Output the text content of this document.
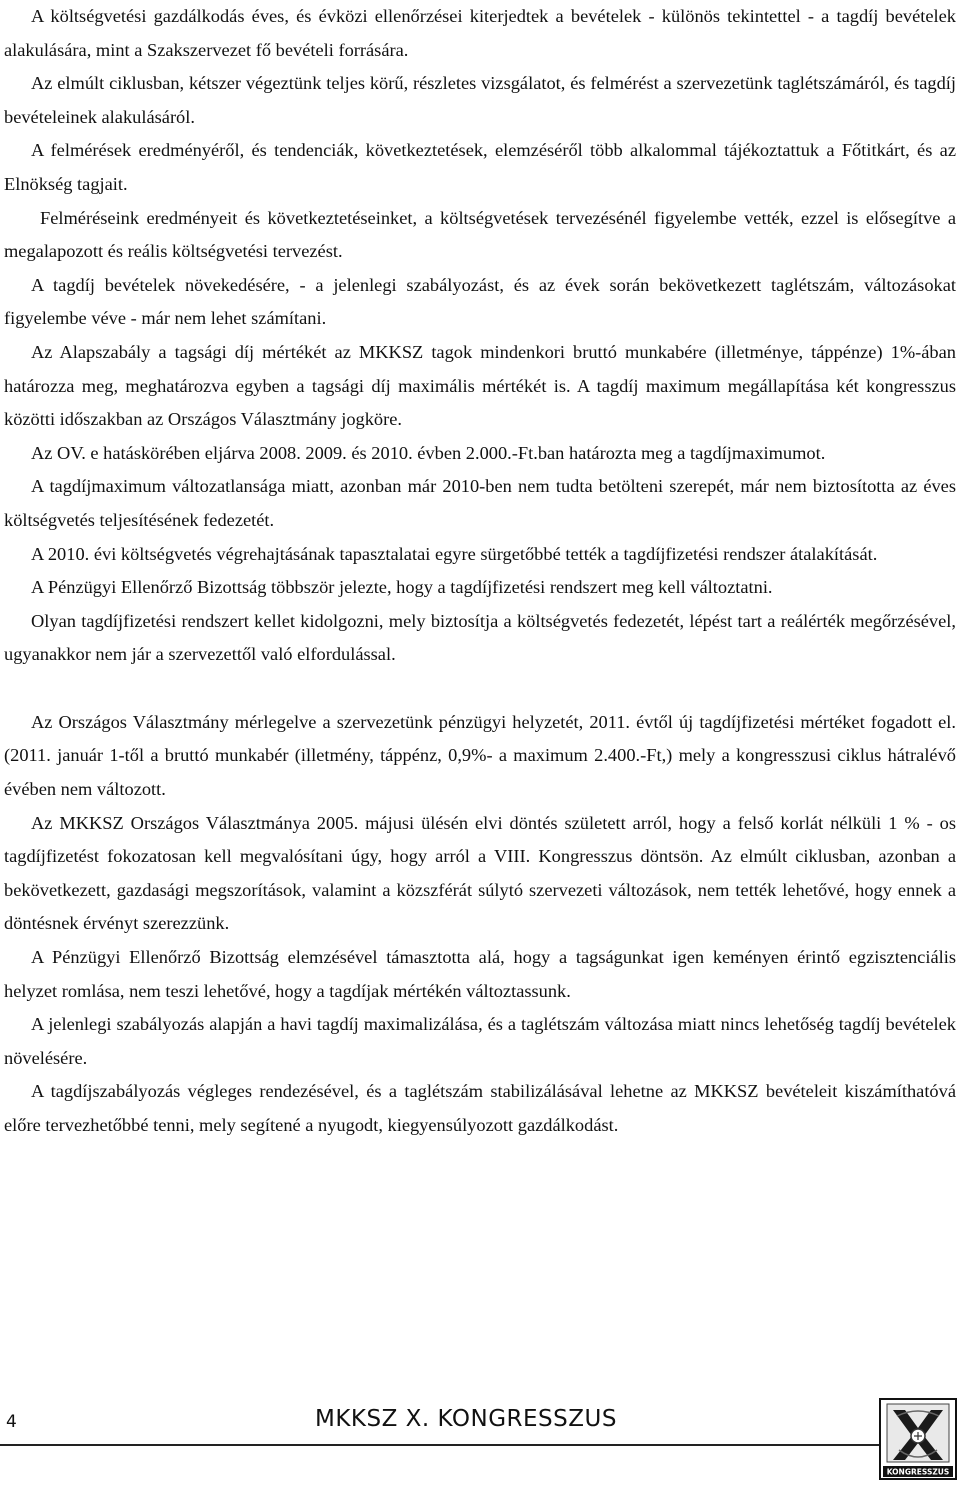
A költségvetési gazdálkodás éves, és évközi ellenőrzései kiterjedtek a bevételek - különös tekintettel - a tagdíj bevételek alakulására, mint a Szakszervezet fő bevételi forrására.

Az elmúlt ciklusban, kétszer végeztünk teljes körű, részletes vizsgálatot, és felmérést a szervezetünk taglétszámáról, és tagdíj bevételeinek alakulásáról.

A felmérések eredményéről, és tendenciák, következtetések, elemzéséről több alkalommal tájékoztattuk a Főtitkárt, és az Elnökség tagjait.

Felméréseink eredményeit és következtetéseinket, a költségvetések tervezésénél figyelembe vették, ezzel is elősegítve a megalapozott és reális költségvetési tervezést.

A tagdíj bevételek növekedésére, - a jelenlegi szabályozást, és az évek során bekövetkezett taglétszám, változásokat figyelembe véve - már nem lehet számítani.

Az Alapszabály a tagsági díj mértékét az MKKSZ tagok mindenkori bruttó munkabére (illetménye, táppénze) 1%-ában határozza meg, meghatározva egyben a tagsági díj maximális mértékét is. A tagdíj maximum megállapítása két kongresszus közötti időszakban az Országos Választmány jogköre.

Az OV. e hatáskörében eljárva 2008. 2009. és 2010. évben 2.000.-Ft.ban határozta meg a tagdíjmaximumot.

A tagdíjmaximum változatlansága miatt, azonban már 2010-ben nem tudta betölteni szerepét, már nem biztosította az éves költségvetés teljesítésének fedezetét.

A 2010. évi költségvetés végrehajtásának tapasztalatai egyre sürgetőbbé tették a tagdíjfizetési rendszer átalakítását.

A Pénzügyi Ellenőrző Bizottság többször jelezte, hogy a tagdíjfizetési rendszert meg kell változtatni.

Olyan tagdíjfizetési rendszert kellet kidolgozni, mely biztosítja a költségvetés fedezetét, lépést tart a reálérték megőrzésével, ugyanakkor nem jár a szervezettől való elfordulással.

Az Országos Választmány mérlegelve a szervezetünk pénzügyi helyzetét, 2011. évtől új tagdíjfizetési mértéket fogadott el. (2011. január 1-től a bruttó munkabér (illetmény, táppénz, 0,9%- a maximum 2.400.-Ft,) mely a kongresszusi ciklus hátralévő évében nem változott.

Az MKKSZ Országos Választmánya 2005. májusi ülésén elvi döntés született arról, hogy a felső korlát nélküli 1 % - os tagdíjfizetést fokozatosan kell megvalósítani úgy, hogy arról a VIII. Kongresszus döntsön. Az elmúlt ciklusban, azonban a bekövetkezett, gazdasági megszorítások, valamint a közszférát súlytó szervezeti változások, nem tették lehetővé, hogy ennek a döntésnek érvényt szerezzünk.

A Pénzügyi Ellenőrző Bizottság elemzésével támasztotta alá, hogy a tagságunkat igen keményen érintő egzisztenciális helyzet romlása, nem teszi lehetővé, hogy a tagdíjak mértékén változtassunk.

A jelenlegi szabályozás alapján a havi tagdíj maximalizálása, és a taglétszám változása miatt nincs lehetőség tagdíj bevételek növelésére.

A tagdíjszabályozás végleges rendezésével, és a taglétszám stabilizálásával lehetne az MKKSZ bevételeit kiszámíthatóvá előre tervezhetőbbé tenni, mely segítené a nyugodt, kiegyensúlyozott gazdálkodást.

4	MKKSZ X. KONGRESSZUS
KONGRESSZUS
